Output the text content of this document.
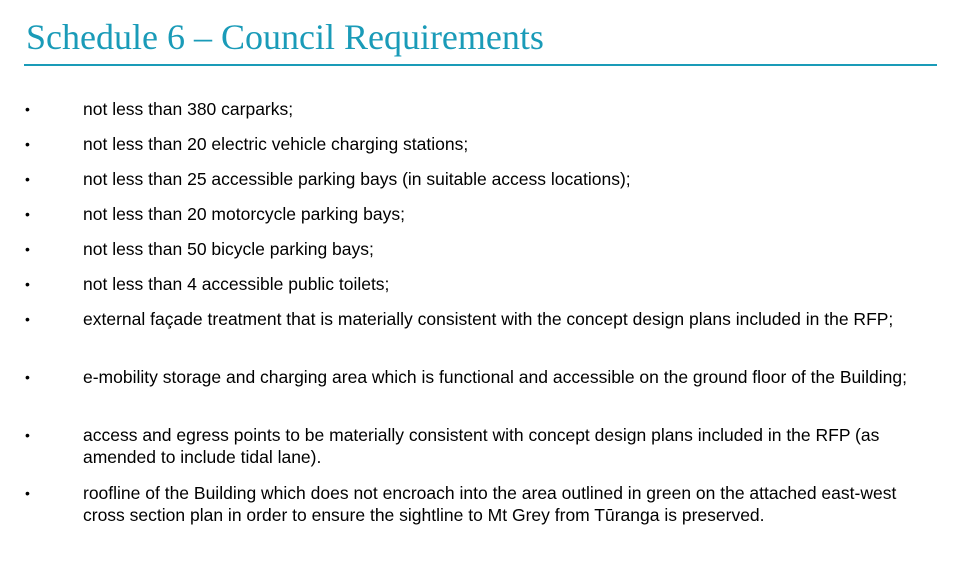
Schedule 6 – Council Requirements
•	not less than 380 carparks;
•	not less than 20 electric vehicle charging stations;
•	not less than 25 accessible parking bays (in suitable access locations);
•	not less than 20 motorcycle parking bays;
•	not less than 50 bicycle parking bays;
•	not less than 4 accessible public toilets;
•	external façade treatment that is materially consistent with the concept design plans included in the RFP;
•	e-mobility storage and charging area which is functional and accessible on the ground floor of the Building;
•	access and egress points to be materially consistent with concept design plans included in the RFP (as amended to include tidal lane).
•	roofline of the Building which does not encroach into the area outlined in green on the attached east-west cross section plan in order to ensure the sightline to Mt Grey from Tūranga is preserved.
